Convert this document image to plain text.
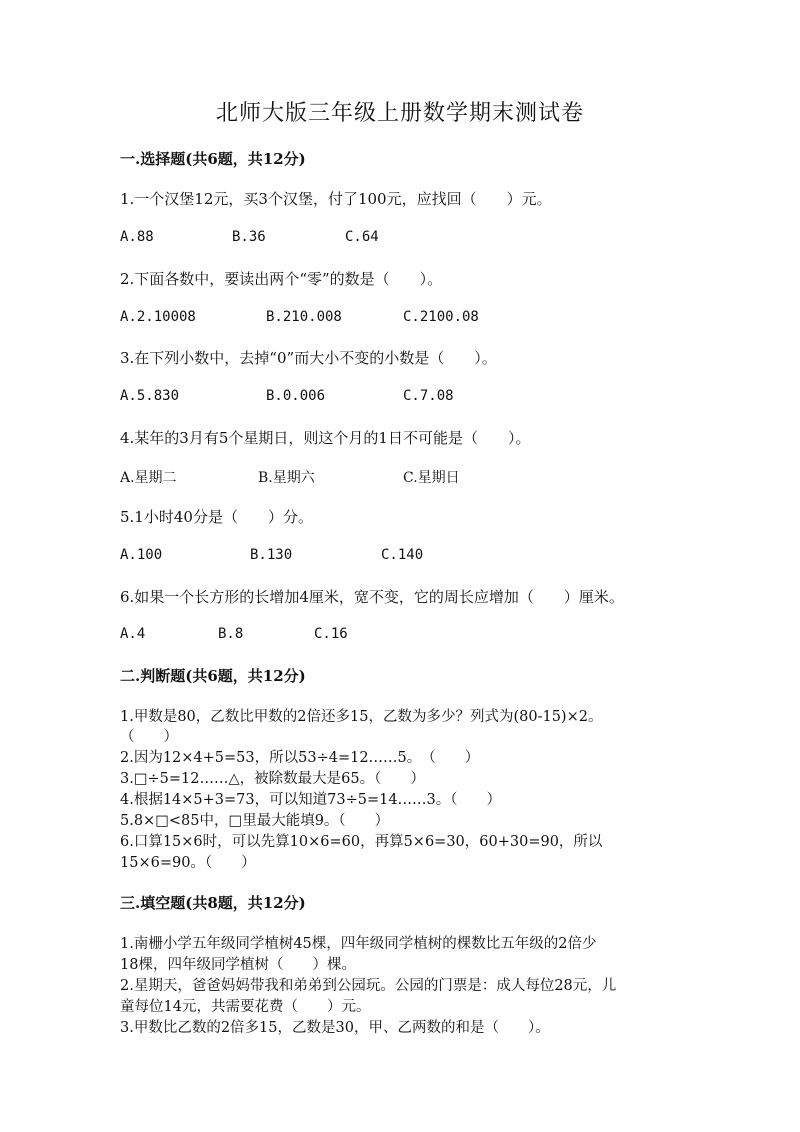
北师大版三年级上册数学期末测试卷
一.选择题(共6题，共12分)
1.一个汉堡12元，买3个汉堡，付了100元，应找回（　　）元。
A.88	B.36	C.64
2.下面各数中，要读出两个“零”的数是（　　）。
A.2.10008	B.210.008	C.2100.08
3.在下列小数中，去掉“0”而大小不变的小数是（　　）。
A.5.830	B.0.006	C.7.08
4.某年的3月有5个星期日，则这个月的1日不可能是（　　）。
A.星期二	B.星期六	C.星期日
5.1小时40分是（　　）分。
A.100	B.130	C.140
6.如果一个长方形的长增加4厘米，宽不变，它的周长应增加（　　）厘米。
A.4	B.8	C.16
二.判断题(共6题，共12分)
1.甲数是80，乙数比甲数的2倍还多15，乙数为多少？列式为(80-15)×2。
（　　）
2.因为12×4+5=53，所以53÷4=12……5。　（　　）
3.□÷5=12……△，被除数最大是65。（　　）
4.根据14×5+3=73，可以知道73÷5=14……3。（　　）
5.8×□<85中，□里最大能填9。（　　）
6.口算15×6时，可以先算10×6=60，再算5×6=30，60+30=90，所以
15×6=90。（　　）
三.填空题(共8题，共12分)
1.南栅小学五年级同学植树45棵，四年级同学植树的棵数比五年级的2倍少
18棵，四年级同学植树（　　）棵。
2.星期天，爸爸妈妈带我和弟弟到公园玩。公园的门票是：成人每位28元，儿
童每位14元，共需要花费（　　）元。
3.甲数比乙数的2倍多15，乙数是30，甲、乙两数的和是（　　）。
